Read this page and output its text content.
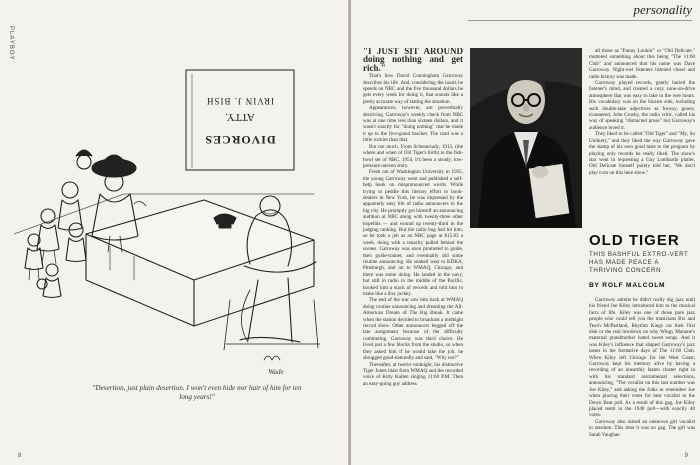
PLAYBOY
DIVORCES
ATTY.
IRVIN J. BISH
Wade
"Desertion, just plain desertion. I won't even hide nor hair of him for ten long years!"
8
personality

"I JUST SIT AROUND doing nothing and get rich."

That's how David Cunningham Garroway describes his life. And, considering the hours he spends on NBC and the five thousand dollars he gets every week for doing it, that sounds like a pretty accurate way of stating the situation.

Appearances, however, are proverbially deceiving. Garroway's weekly check from NBC was at one time less than sixteen dollars, and it wasn't exactly for "doing nothing" that he made it up to the five-grand bracket. The road was a little rockier than that.

But not much. From Schenectady, 1913, (the where and when of Old Tiger's birth) to the fish-bowl set of NBC, 1954, it's been a steady, low-pressure uneven story.

Fresh out of Washington University in 1935, the young Garroway went and published a self-help book on mispronounced words. While trying to peddle this literary effort to book-dealers in New York, he was impressed by the apparently easy life of radio announcers in the big city. He promptly got himself an announcing audition at NBC along with twenty-three other hopefuls — and wound up twenty-third in the judging ranking. But the radio bug had bit him, so he took a job as an NBC page at $15.83 a week, doing with a tenacity pulled behind the scenes. Garroway was soon promoted to guide, then guide-trainer, and eventually did some routine announcing. He snaked west to KDKA, Pittsburgh, and on to WMAQ, Chicago, and there was some doing. He landed in the navy, but still in radio in the middle of the Pacific, hooked him a stack of records and told him to make like a disc jockey.

The end of the war saw him back at WMAQ doing routine announcing and dreaming the All-American Dream of The Big Break. It came when the station decided to broadcast a midnight record show. Other announcers begged off the late assignment because of the difficulty commuting. Garroway was third choice. He lived just a few blocks from the studio, so when they asked him if he would take the job, he shrugged good-naturedly and said, "Why not?"

Thereafter, at twelve midnight, his distinctive Tiger Jones blast from WMAQ and the recorded voice of Kitty Kallen singing 11:60 P.M. Then an easy-going guy address

all those as "Funny Lookin'" or "Old Delicate," muttered something about this being "The 11:60 Club" and announced that his name was Dave Garroway. Night-owl listeners listened closer and radio history was made.

Garroway played records, gently buried the listener's mind, and created a cozy zone-on-drive atmosphere that was easy to take in the wee hours. His vocabulary was on the bizarre side, including such double-take adjectives as frowzy, gooey, troussered, John Crosby, the radio critic, called his way of speaking "distracted prose" but Garroway's audience loved it.

They liked to be called "Old Tiger" and "My, So Unlikety," and they liked the way Garroway gave the stamp of his own good taste to the program by playing only records he really liked. The show's star went in requesting a Guy Lombardo platter, Old Delicate himself purely told her, "We don't play corn on this here show."

OLD TIGER
THIS BASHFUL EXTRO-VERT HAS MADE PEACE A THRIVING CONCERN
BY ROLF MALCOLM

Garroway admits he didn't really dig jazz until his friend Joe Kiley introduced him to the musical facts of life. Kiley was one of those pure jazz people who could tell you the musicians Bix and Tesch McPartland, Rhythm Kings cut their first disk or the real lowdown on why Wingy Manone's maternal grandmother hated sweet songs. And it was Kiley's influence that shaped Garroway's jazz tastes in the formative days of The 11:60 Club. When Kiley left Chicago for the West Coast, Garroway kept his memory alive by having a recording of an unearthly fasten cluster right in with his standard instrumental selections, announcing, "The vocalist on this last number was Joe Kiley," and asking the folks to remember Joe when placing their votes for best vocalist in the Down Beat poll. As a result of this gag, Joe Kiley placed tenth in the 1948 poll—with exactly 40 votes.

Garroway also rained an unknown girl vocalist to stardom. This time it was no gag. The girl was Sarah Vaughan

9
